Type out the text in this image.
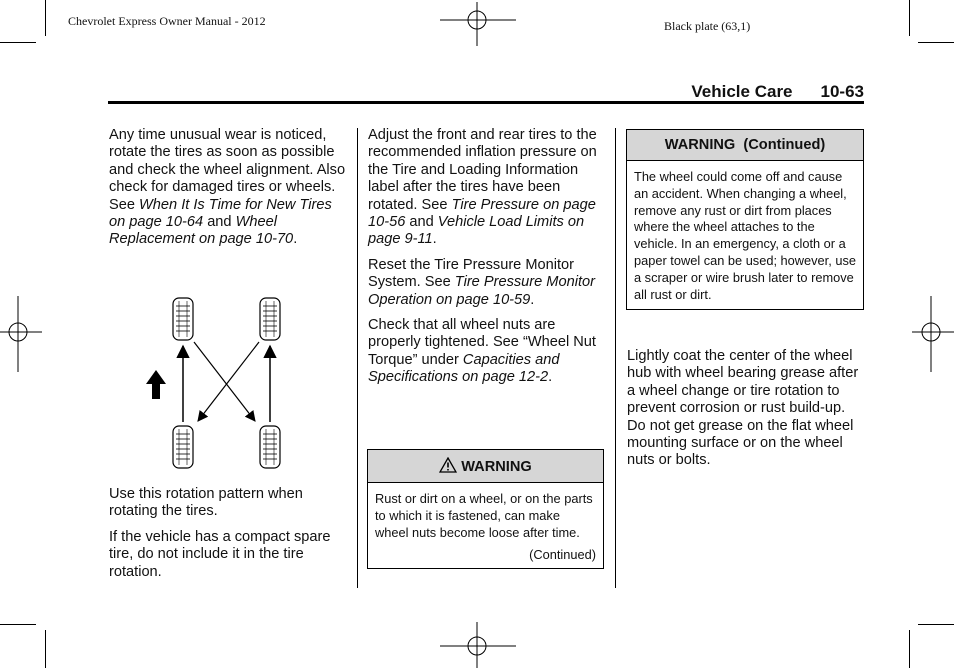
Chevrolet Express Owner Manual - 2012	Black plate (63,1)
Vehicle Care 10-63

Any time unusual wear is noticed, rotate the tires as soon as possible and check the wheel alignment. Also check for damaged tires or wheels. See When It Is Time for New Tires on page 10-64 and Wheel Replacement on page 10-70.

Use this rotation pattern when rotating the tires.

If the vehicle has a compact spare tire, do not include it in the tire rotation.

Adjust the front and rear tires to the recommended inflation pressure on the Tire and Loading Information label after the tires have been rotated. See Tire Pressure on page 10-56 and Vehicle Load Limits on page 9-11.

Reset the Tire Pressure Monitor System. See Tire Pressure Monitor Operation on page 10-59.

Check that all wheel nuts are properly tightened. See “Wheel Nut Torque” under Capacities and Specifications on page 12-2.

WARNING
Rust or dirt on a wheel, or on the parts to which it is fastened, can make wheel nuts become loose after time.
(Continued)
WARNING  (Continued)
The wheel could come off and cause an accident. When changing a wheel, remove any rust or dirt from places where the wheel attaches to the vehicle. In an emergency, a cloth or a paper towel can be used; however, use a scraper or wire brush later to remove all rust or dirt.

Lightly coat the center of the wheel hub with wheel bearing grease after a wheel change or tire rotation to prevent corrosion or rust build-up. Do not get grease on the flat wheel mounting surface or on the wheel nuts or bolts.
